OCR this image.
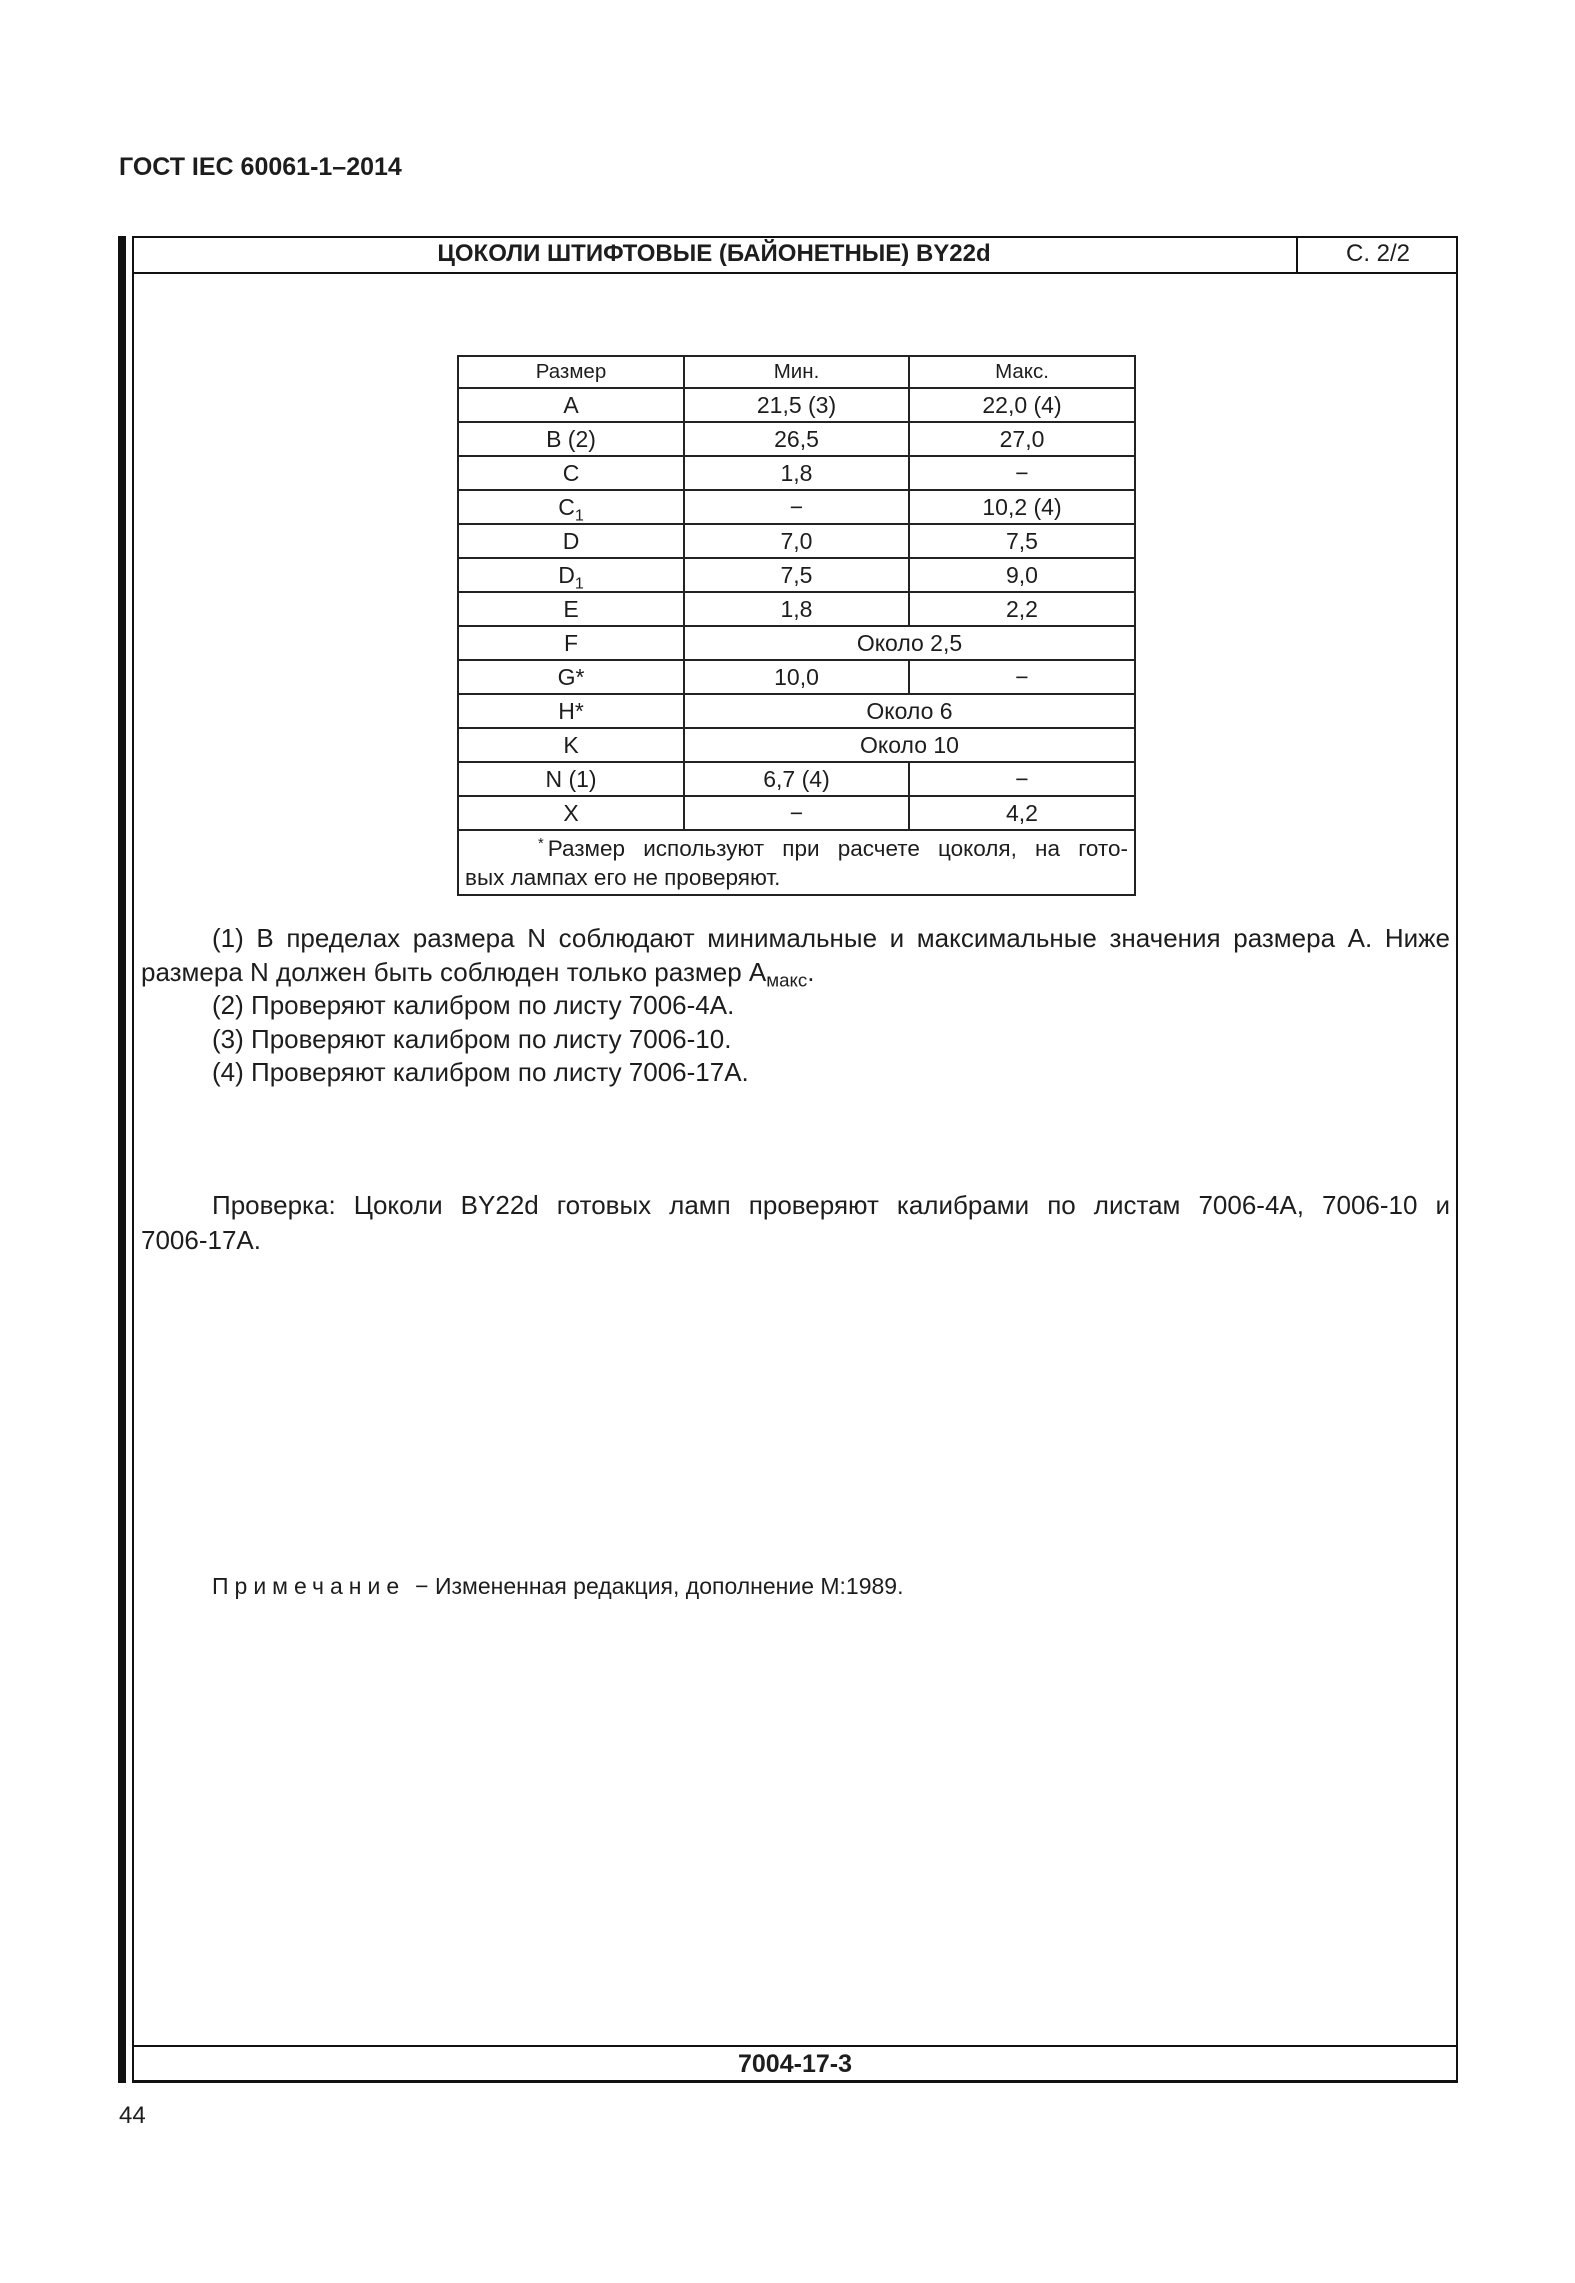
ГОСТ IEC 60061-1–2014
ЦОКОЛИ ШТИФТОВЫЕ (БАЙОНЕТНЫЕ) BY22d	С. 2/2
Размер	Мин.	Макс.
A	21,5 (3)	22,0 (4)
B (2)	26,5	27,0
C	1,8	−
$C_1$	−	10,2 (4)
D	7,0	7,5
$D_1$	7,5	9,0
E	1,8	2,2
F	Около 2,5	
G*	10,0	−
H*	Около 6	
K	Около 10	
N (1)	6,7 (4)	−
X	−	4,2

* Размер используют при расчете цоколя, на гото-
вых лампах его не проверяют.		
(1) В пределах размера N соблюдают минимальные и максимальные значения размера A. Ниже
размера N должен быть соблюден только размер $A_{макс}$.
(2) Проверяют калибром по листу 7006-4A.
(3) Проверяют калибром по листу 7006-10.
(4) Проверяют калибром по листу 7006-17A.
Проверка: Цоколи BY22d готовых ламп проверяют калибрами по листам 7006-4A, 7006-10 и
7006-17A.
Примечание − Измененная редакция, дополнение М:1989.
7004-17-3
44
